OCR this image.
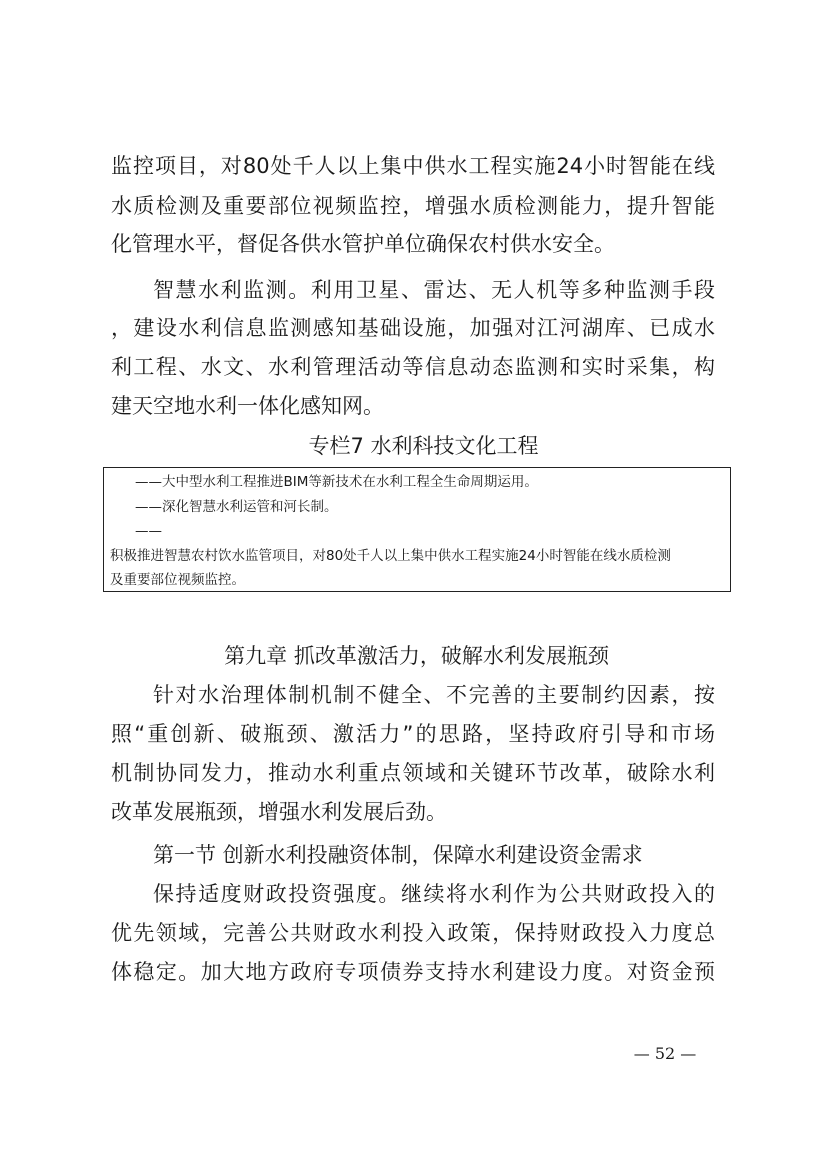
监控项目，对80处千人以上集中供水工程实施24小时智能在线
水质检测及重要部位视频监控，增强水质检测能力，提升智能
化管理水平，督促各供水管护单位确保农村供水安全。
智慧水利监测。利用卫星、雷达、无人机等多种监测手段
，建设水利信息监测感知基础设施，加强对江河湖库、已成水
利工程、水文、水利管理活动等信息动态监测和实时采集，构
建天空地水利一体化感知网。
专栏7 水利科技文化工程
——大中型水利工程推进BIM等新技术在水利工程全生命周期运用。
——深化智慧水利运管和河长制。
——
积极推进智慧农村饮水监管项目，对80处千人以上集中供水工程实施24小时智能在线水质检测
及重要部位视频监控。
第九章 抓改革激活力，破解水利发展瓶颈
针对水治理体制机制不健全、不完善的主要制约因素，按
照“重创新、破瓶颈、激活力”的思路，坚持政府引导和市场
机制协同发力，推动水利重点领域和关键环节改革，破除水利
改革发展瓶颈，增强水利发展后劲。
第一节 创新水利投融资体制，保障水利建设资金需求
保持适度财政投资强度。继续将水利作为公共财政投入的
优先领域，完善公共财政水利投入政策，保持财政投入力度总
体稳定。加大地方政府专项债券支持水利建设力度。对资金预
— 52 —
